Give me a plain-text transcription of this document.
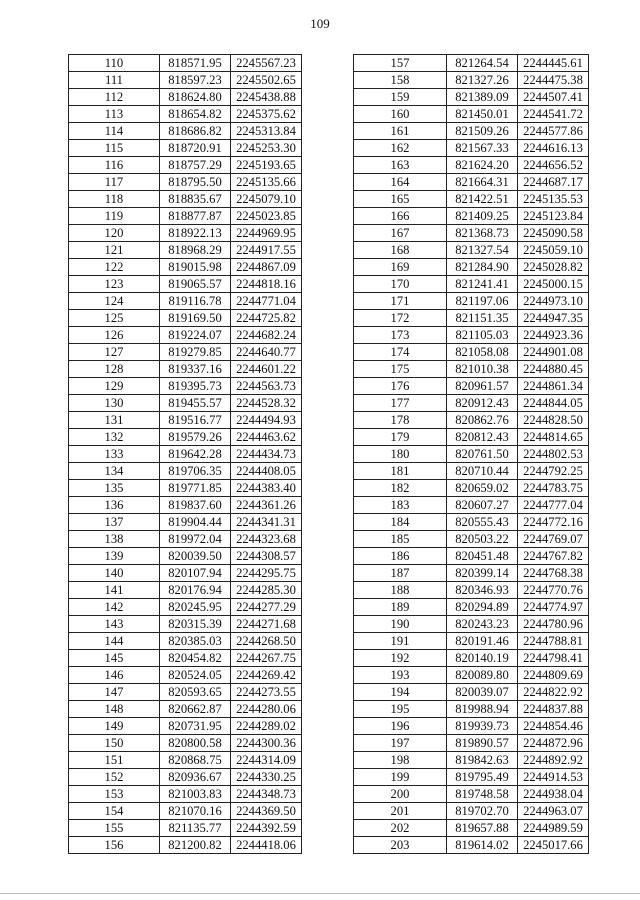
109
110	818571.95	2245567.23
111	818597.23	2245502.65
112	818624.80	2245438.88
113	818654.82	2245375.62
114	818686.82	2245313.84
115	818720.91	2245253.30
116	818757.29	2245193.65
117	818795.50	2245135.66
118	818835.67	2245079.10
119	818877.87	2245023.85
120	818922.13	2244969.95
121	818968.29	2244917.55
122	819015.98	2244867.09
123	819065.57	2244818.16
124	819116.78	2244771.04
125	819169.50	2244725.82
126	819224.07	2244682.24
127	819279.85	2244640.77
128	819337.16	2244601.22
129	819395.73	2244563.73
130	819455.57	2244528.32
131	819516.77	2244494.93
132	819579.26	2244463.62
133	819642.28	2244434.73
134	819706.35	2244408.05
135	819771.85	2244383.40
136	819837.60	2244361.26
137	819904.44	2244341.31
138	819972.04	2244323.68
139	820039.50	2244308.57
140	820107.94	2244295.75
141	820176.94	2244285.30
142	820245.95	2244277.29
143	820315.39	2244271.68
144	820385.03	2244268.50
145	820454.82	2244267.75
146	820524.05	2244269.42
147	820593.65	2244273.55
148	820662.87	2244280.06
149	820731.95	2244289.02
150	820800.58	2244300.36
151	820868.75	2244314.09
152	820936.67	2244330.25
153	821003.83	2244348.73
154	821070.16	2244369.50
155	821135.77	2244392.59
156	821200.82	2244418.06
157	821264.54	2244445.61
158	821327.26	2244475.38
159	821389.09	2244507.41
160	821450.01	2244541.72
161	821509.26	2244577.86
162	821567.33	2244616.13
163	821624.20	2244656.52
164	821664.31	2244687.17
165	821422.51	2245135.53
166	821409.25	2245123.84
167	821368.73	2245090.58
168	821327.54	2245059.10
169	821284.90	2245028.82
170	821241.41	2245000.15
171	821197.06	2244973.10
172	821151.35	2244947.35
173	821105.03	2244923.36
174	821058.08	2244901.08
175	821010.38	2244880.45
176	820961.57	2244861.34
177	820912.43	2244844.05
178	820862.76	2244828.50
179	820812.43	2244814.65
180	820761.50	2244802.53
181	820710.44	2244792.25
182	820659.02	2244783.75
183	820607.27	2244777.04
184	820555.43	2244772.16
185	820503.22	2244769.07
186	820451.48	2244767.82
187	820399.14	2244768.38
188	820346.93	2244770.76
189	820294.89	2244774.97
190	820243.23	2244780.96
191	820191.46	2244788.81
192	820140.19	2244798.41
193	820089.80	2244809.69
194	820039.07	2244822.92
195	819988.94	2244837.88
196	819939.73	2244854.46
197	819890.57	2244872.96
198	819842.63	2244892.92
199	819795.49	2244914.53
200	819748.58	2244938.04
201	819702.70	2244963.07
202	819657.88	2244989.59
203	819614.02	2245017.66
